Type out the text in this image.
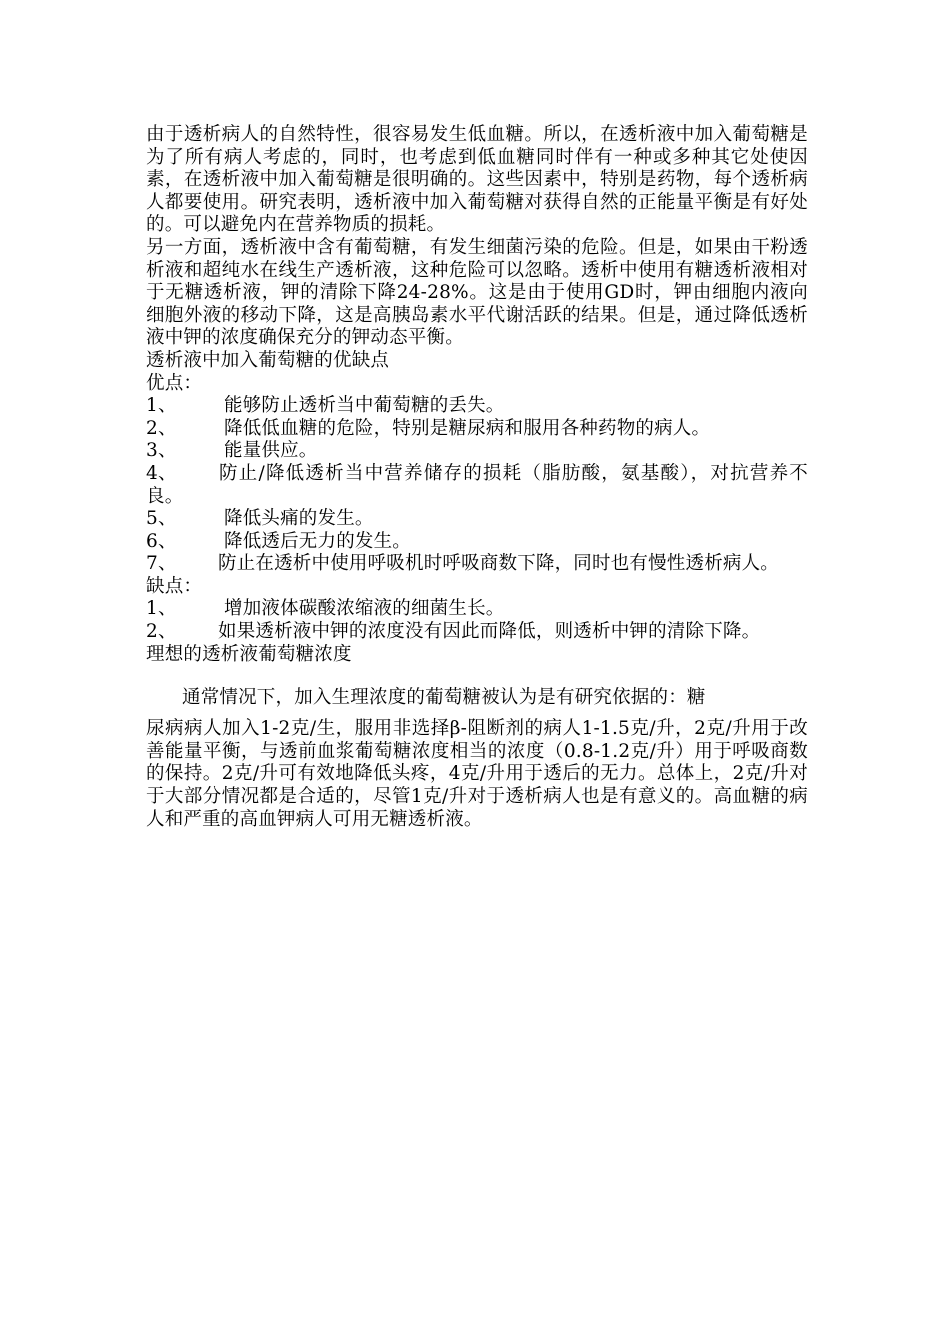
由于透析病人的自然特性，很容易发生低血糖。所以，在透析液中加入葡萄糖是为了所有病人考虑的，同时，也考虑到低血糖同时伴有一种或多种其它处使因素，在透析液中加入葡萄糖是很明确的。这些因素中，特别是药物，每个透析病人都要使用。研究表明，透析液中加入葡萄糖对获得自然的正能量平衡是有好处的。可以避免内在营养物质的损耗。

另一方面，透析液中含有葡萄糖，有发生细菌污染的危险。但是，如果由干粉透析液和超纯水在线生产透析液，这种危险可以忽略。透析中使用有糖透析液相对于无糖透析液，钾的清除下降24-28%。这是由于使用GD时，钾由细胞内液向细胞外液的移动下降，这是高胰岛素水平代谢活跃的结果。但是，通过降低透析液中钾的浓度确保充分的钾动态平衡。

透析液中加入葡萄糖的优缺点

优点：

1、	能够防止透析当中葡萄糖的丢失。

2、	降低低血糖的危险，特别是糖尿病和服用各种药物的病人。

3、	能量供应。

4、 防止/降低透析当中营养储存的损耗（脂肪酸，氨基酸），对抗营养不良。

5、	降低头痛的发生。

6、	降低透后无力的发生。

7、 防止在透析中使用呼吸机时呼吸商数下降，同时也有慢性透析病人。

缺点：

1、	增加液体碳酸浓缩液的细菌生长。

2、 如果透析液中钾的浓度没有因此而降低，则透析中钾的清除下降。

理想的透析液葡萄糖浓度

通常情况下，加入生理浓度的葡萄糖被认为是有研究依据的：糖

尿病病人加入1-2克/生，服用非选择β-阻断剂的病人1-1.5克/升，2克/升用于改善能量平衡，与透前血浆葡萄糖浓度相当的浓度（0.8-1.2克/升）用于呼吸商数的保持。2克/升可有效地降低头疼，4克/升用于透后的无力。总体上，2克/升对于大部分情况都是合适的，尽管1克/升对于透析病人也是有意义的。高血糖的病人和严重的高血钾病人可用无糖透析液。
